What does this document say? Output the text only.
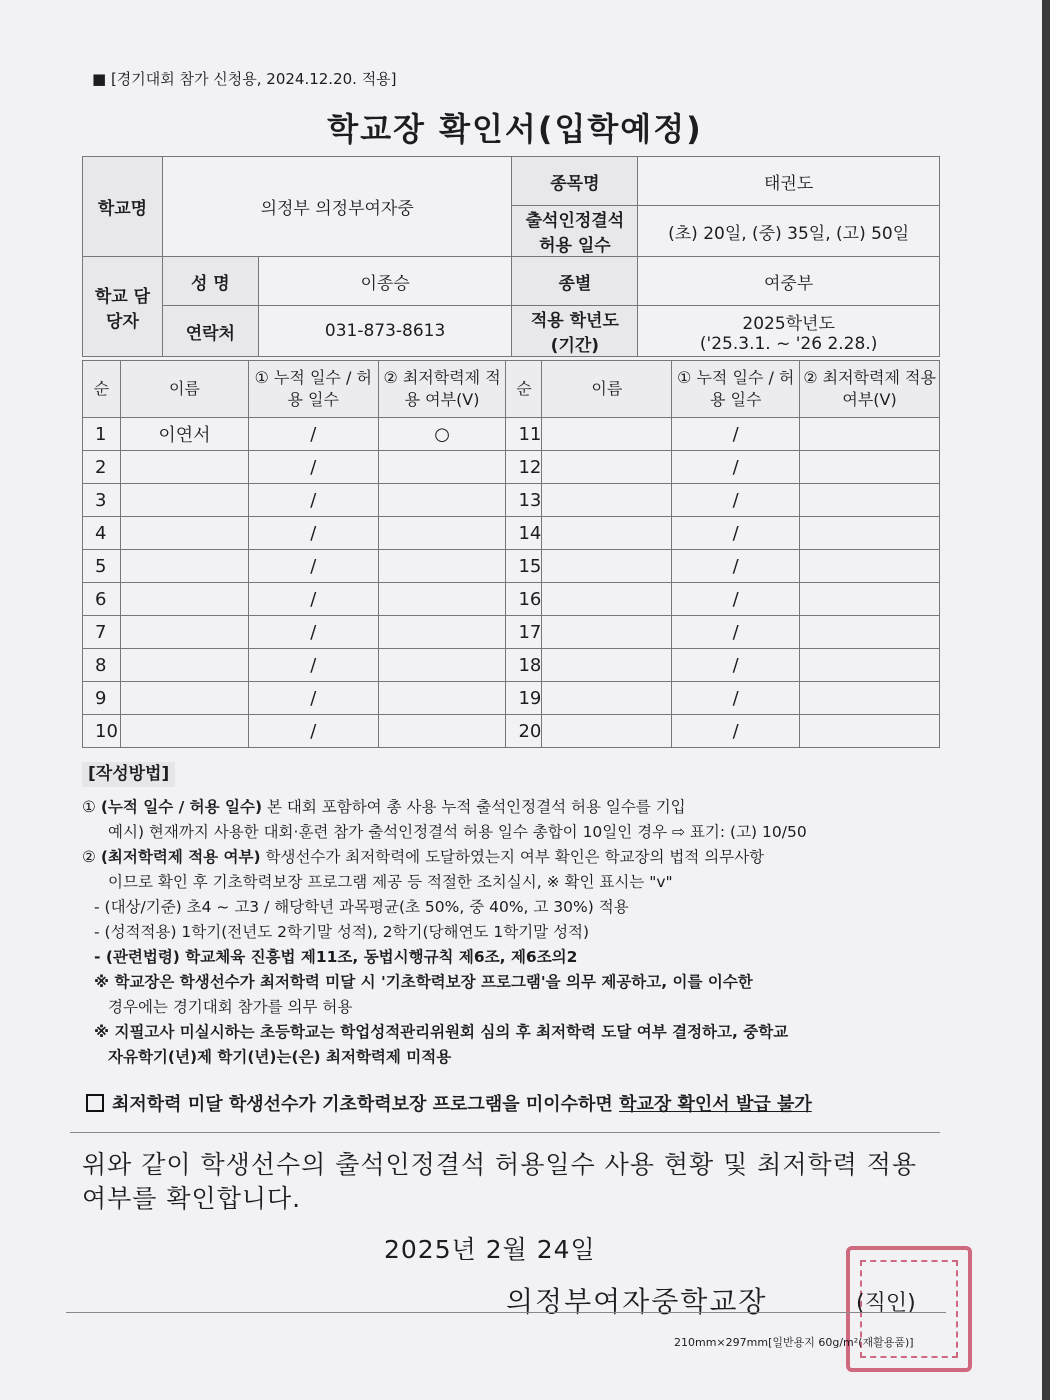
■ [경기대회 참가 신청용, 2024.12.20. 적용]
학교장 확인서(입학예정)
학교명	의정부 의정부여자중		종목명	태권도
			출석인정결석 허용 일수	(초) 20일, (중) 35일, (고) 50일
학교 담당자	성 명	이종승	종별	여중부
	연락처	031-873-8613	적용 학년도 (기간)	2025학년도
('25.3.1. ~ '26 2.28.)
순	이름	① 누적 일수 / 허용 일수	② 최저학력제 적용 여부(V)	순	이름	① 누적 일수 / 허용 일수	② 최저학력제 적용 여부(V)
1	이연서	/	○	11		/	
2		/		12		/	
3		/		13		/	
4		/		14		/	
5		/		15		/	
6		/		16		/	
7		/		17		/	
8		/		18		/	
9		/		19		/	
10		/		20		/	
[작성방법]

① (누적 일수 / 허용 일수) 본 대회 포함하여 총 사용 누적 출석인정결석 허용 일수를 기입

예시) 현재까지 사용한 대회·훈련 참가 출석인정결석 허용 일수 총합이 10일인 경우 ⇨ 표기: (고) 10/50

② (최저학력제 적용 여부) 학생선수가 최저학력에 도달하였는지 여부 확인은 학교장의 법적 의무사항

이므로 확인 후 기초학력보장 프로그램 제공 등 적절한 조치실시, ※ 확인 표시는 "v"

- (대상/기준) 초4 ~ 고3 / 해당학년 과목평균(초 50%, 중 40%, 고 30%) 적용

- (성적적용) 1학기(전년도 2학기말 성적), 2학기(당해연도 1학기말 성적)

- (관련법령) 학교체육 진흥법 제11조, 동법시행규칙 제6조, 제6조의2

※ 학교장은 학생선수가 최저학력 미달 시 '기초학력보장 프로그램'을 의무 제공하고, 이를 이수한

경우에는 경기대회 참가를 의무 허용

※ 지필고사 미실시하는 초등학교는 학업성적관리위원회 심의 후 최저학력 도달 여부 결정하고, 중학교

자유학기(년)제 학기(년)는(은) 최저학력제 미적용

최저학력 미달 학생선수가 기초학력보장 프로그램을 미이수하면 학교장 확인서 발급 불가
위와 같이 학생선수의 출석인정결석 허용일수 사용 현황 및 최저학력 적용 여부를 확인합니다.
2025년 2월 24일
의정부여자중학교장	(직인)
210mm×297mm[일반용지 60g/m²(재활용품)]
